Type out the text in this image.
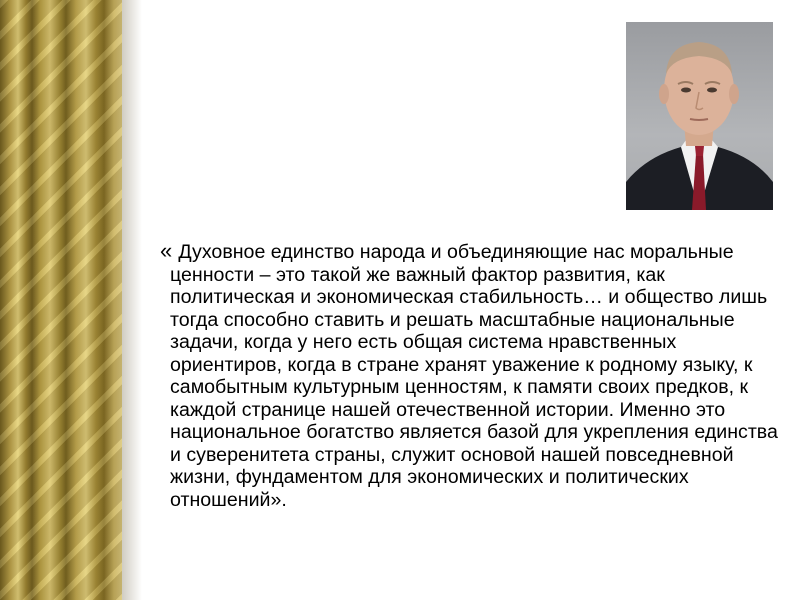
« Духовное единство народа и объединяющие нас моральные ценности – это такой же важный фактор развития, как политическая и экономическая стабильность… и общество лишь тогда способно ставить и решать масштабные национальные задачи, когда у него есть общая система нравственных ориентиров, когда в стране хранят уважение к родному языку, к самобытным культурным ценностям, к памяти своих предков, к каждой странице нашей отечественной истории. Именно это национальное богатство является базой для укрепления единства и суверенитета страны, служит основой нашей повседневной жизни, фундаментом для экономических и политических отношений».
